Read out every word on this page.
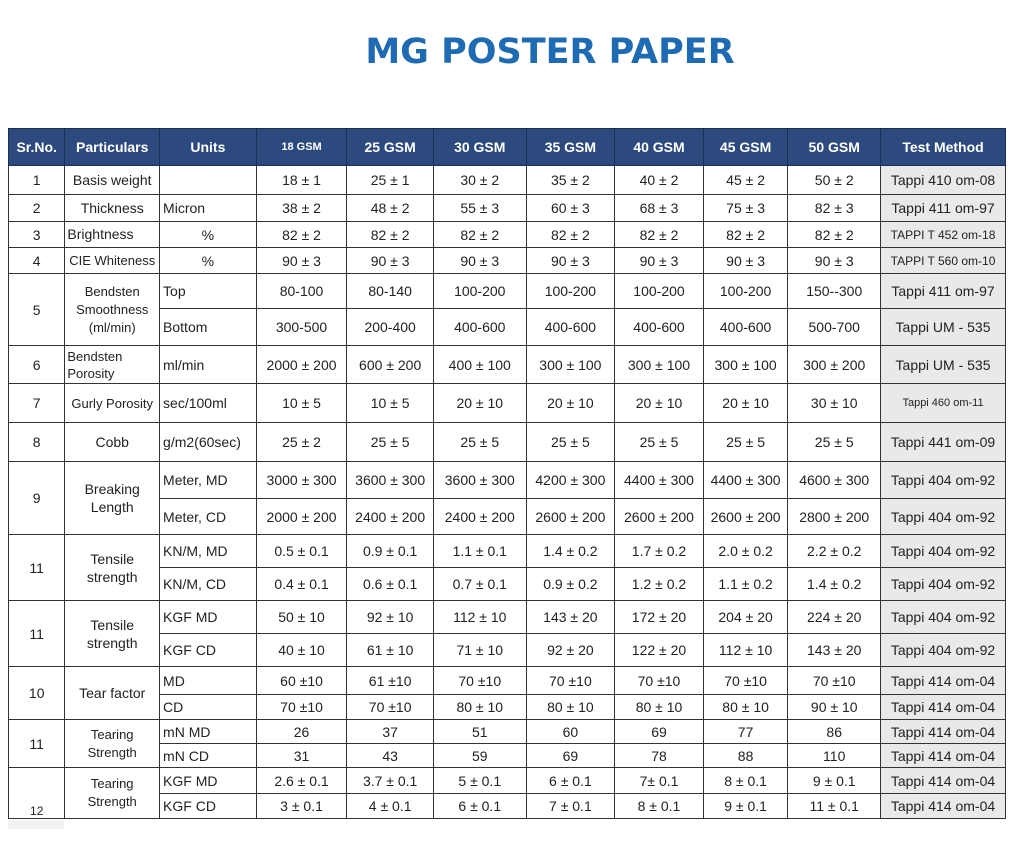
MG POSTER PAPER
Sr.No.	Particulars	Units	18 GSM	25 GSM	30 GSM	35 GSM	40 GSM	45 GSM	50 GSM	Test Method
1	Basis weight		18 ± 1	25 ± 1	30 ± 2	35 ± 2	40 ± 2	45 ± 2	50 ± 2	Tappi 410 om-08
2	Thickness	Micron	38 ± 2	48 ± 2	55 ± 3	60 ± 3	68 ± 3	75 ± 3	82 ± 3	Tappi 411 om-97
3	Brightness	%	82 ± 2	82 ± 2	82 ± 2	82 ± 2	82 ± 2	82 ± 2	82 ± 2	TAPPI T 452 om-18
4	CIE Whiteness	%	90 ± 3	90 ± 3	90 ± 3	90 ± 3	90 ± 3	90 ± 3	90 ± 3	TAPPI T 560 om-10
5	Bendsten Smoothness (ml/min)	Top	80-100	80-140	100-200	100-200	100-200	100-200	150--300	Tappi 411 om-97
		Bottom	300-500	200-400	400-600	400-600	400-600	400-600	500-700	Tappi UM - 535
6	Bendsten Porosity	ml/min	2000 ± 200	600 ± 200	400 ± 100	300 ± 100	300 ± 100	300 ± 100	300 ± 200	Tappi UM - 535
7	Gurly Porosity	sec/100ml	10 ± 5	10 ± 5	20 ± 10	20 ± 10	20 ± 10	20 ± 10	30 ± 10	Tappi 460 om-11
8	Cobb	g/m2(60sec)	25 ± 2	25 ± 5	25 ± 5	25 ± 5	25 ± 5	25 ± 5	25 ± 5	Tappi 441 om-09
9	Breaking Length	Meter, MD	3000 ± 300	3600 ± 300	3600 ± 300	4200 ± 300	4400 ± 300	4400 ± 300	4600 ± 300	Tappi 404 om-92
		Meter, CD	2000 ± 200	2400 ± 200	2400 ± 200	2600 ± 200	2600 ± 200	2600 ± 200	2800 ± 200	Tappi 404 om-92
11	Tensile strength	KN/M, MD	0.5 ± 0.1	0.9 ± 0.1	1.1 ± 0.1	1.4 ± 0.2	1.7 ± 0.2	2.0 ± 0.2	2.2 ± 0.2	Tappi 404 om-92
		KN/M, CD	0.4 ± 0.1	0.6 ± 0.1	0.7 ± 0.1	0.9 ± 0.2	1.2 ± 0.2	1.1 ± 0.2	1.4 ± 0.2	Tappi 404 om-92
11	Tensile strength	KGF MD	50 ± 10	92 ± 10	112 ± 10	143 ± 20	172 ± 20	204 ± 20	224 ± 20	Tappi 404 om-92
		KGF CD	40 ± 10	61 ± 10	71 ± 10	92 ± 20	122 ± 20	112 ± 10	143 ± 20	Tappi 404 om-92
10	Tear factor	MD	60 ±10	61 ±10	70 ±10	70 ±10	70 ±10	70 ±10	70 ±10	Tappi 414 om-04
		CD	70 ±10	70 ±10	80 ± 10	80 ± 10	80 ± 10	80 ± 10	90 ± 10	Tappi 414 om-04
11	Tearing Strength	mN MD	26	37	51	60	69	77	86	Tappi 414 om-04
		mN CD	31	43	59	69	78	88	110	Tappi 414 om-04
12	Tearing Strength	KGF MD	2.6 ± 0.1	3.7 ± 0.1	5 ± 0.1	6 ± 0.1	7± 0.1	8 ± 0.1	9 ± 0.1	Tappi 414 om-04
		KGF CD	3 ± 0.1	4 ± 0.1	6 ± 0.1	7 ± 0.1	8 ± 0.1	9 ± 0.1	11 ± 0.1	Tappi 414 om-04
